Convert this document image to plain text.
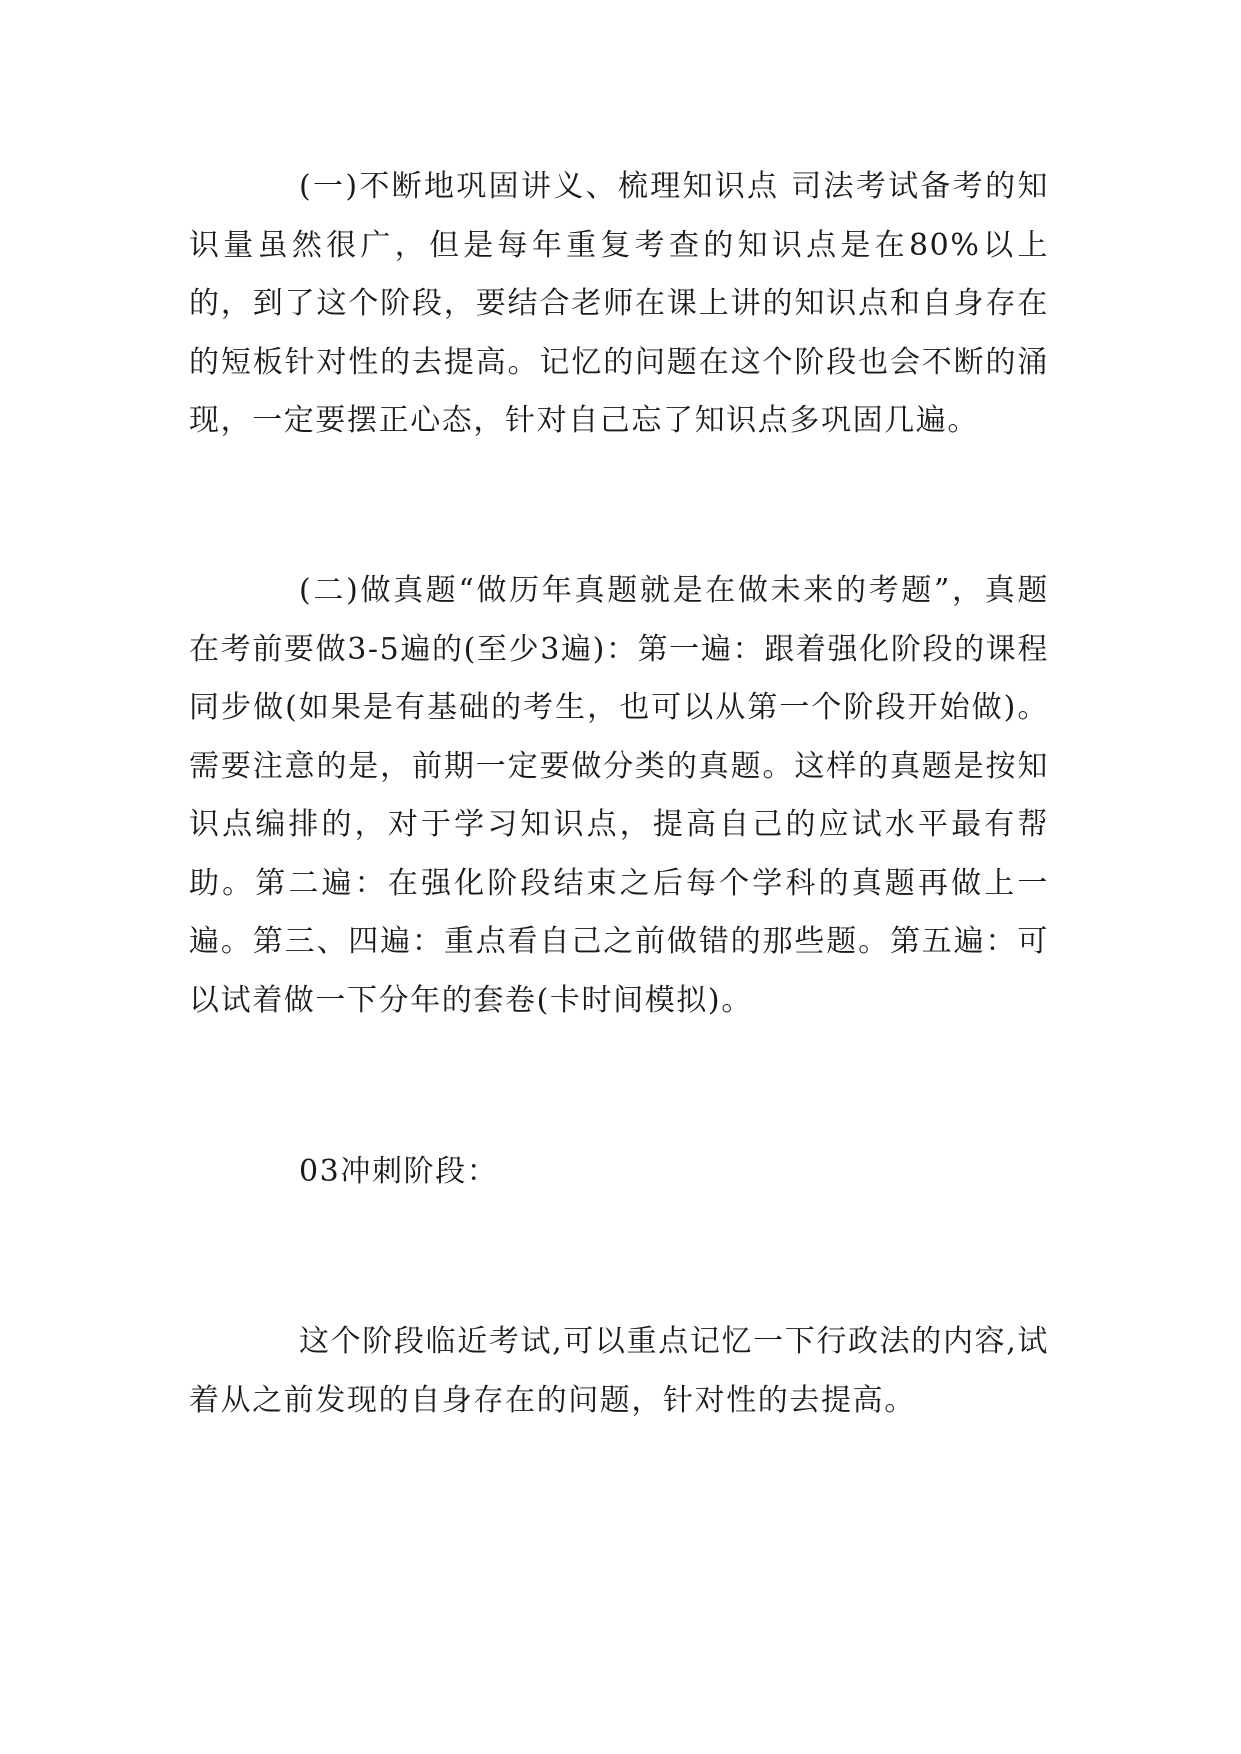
(一)不断地巩固讲义、梳理知识点 司法考试备考的知识量虽然很广，但是每年重复考查的知识点是在80%以上的，到了这个阶段，要结合老师在课上讲的知识点和自身存在的短板针对性的去提高。记忆的问题在这个阶段也会不断的涌现，一定要摆正心态，针对自己忘了知识点多巩固几遍。

(二)做真题“做历年真题就是在做未来的考题”，真题在考前要做3-5遍的(至少3遍)：第一遍：跟着强化阶段的课程同步做(如果是有基础的考生，也可以从第一个阶段开始做)。需要注意的是，前期一定要做分类的真题。这样的真题是按知识点编排的，对于学习知识点，提高自己的应试水平最有帮助。第二遍：在强化阶段结束之后每个学科的真题再做上一遍。第三、四遍：重点看自己之前做错的那些题。第五遍：可以试着做一下分年的套卷(卡时间模拟)。

03冲刺阶段：

这个阶段临近考试,可以重点记忆一下行政法的内容,试着从之前发现的自身存在的问题，针对性的去提高。
